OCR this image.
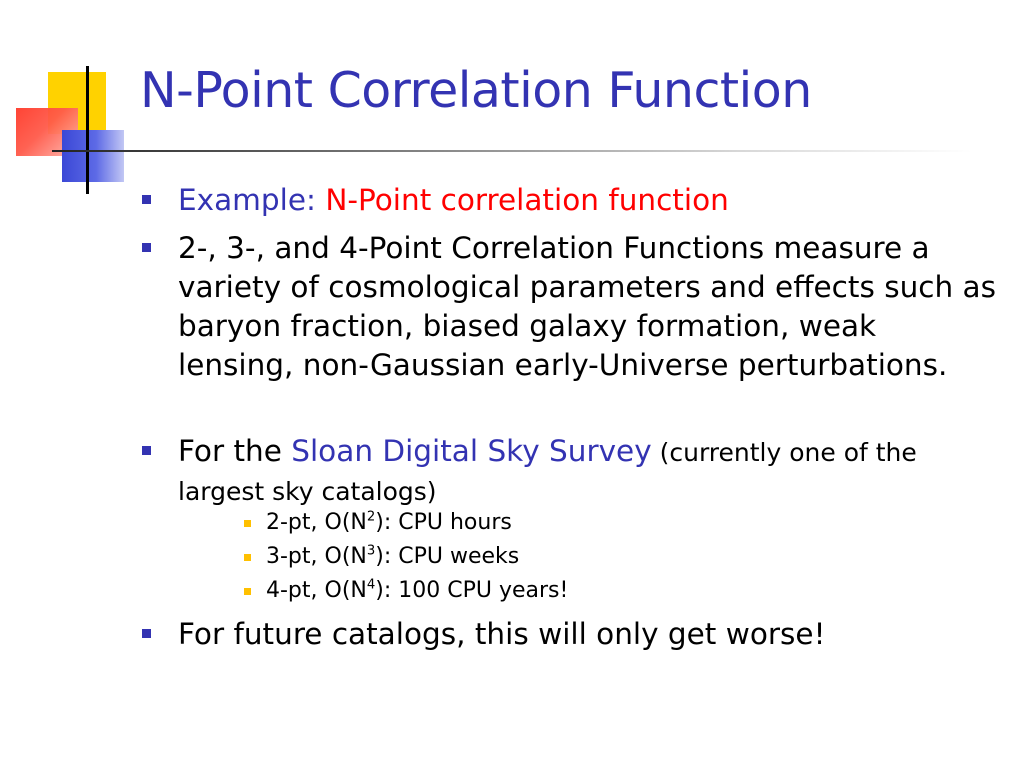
N-Point Correlation Function
Example: N-Point correlation function
2-, 3-, and 4-Point Correlation Functions measure a variety of cosmological parameters and effects such as baryon fraction, biased galaxy formation, weak lensing, non-Gaussian early-Universe perturbations.
For the Sloan Digital Sky Survey (currently one of the largest sky catalogs)
2-pt, $O(N^2)$: CPU hours
3-pt, $O(N^3)$: CPU weeks
4-pt, $O(N^4)$: 100 CPU years!
For future catalogs, this will only get worse!
